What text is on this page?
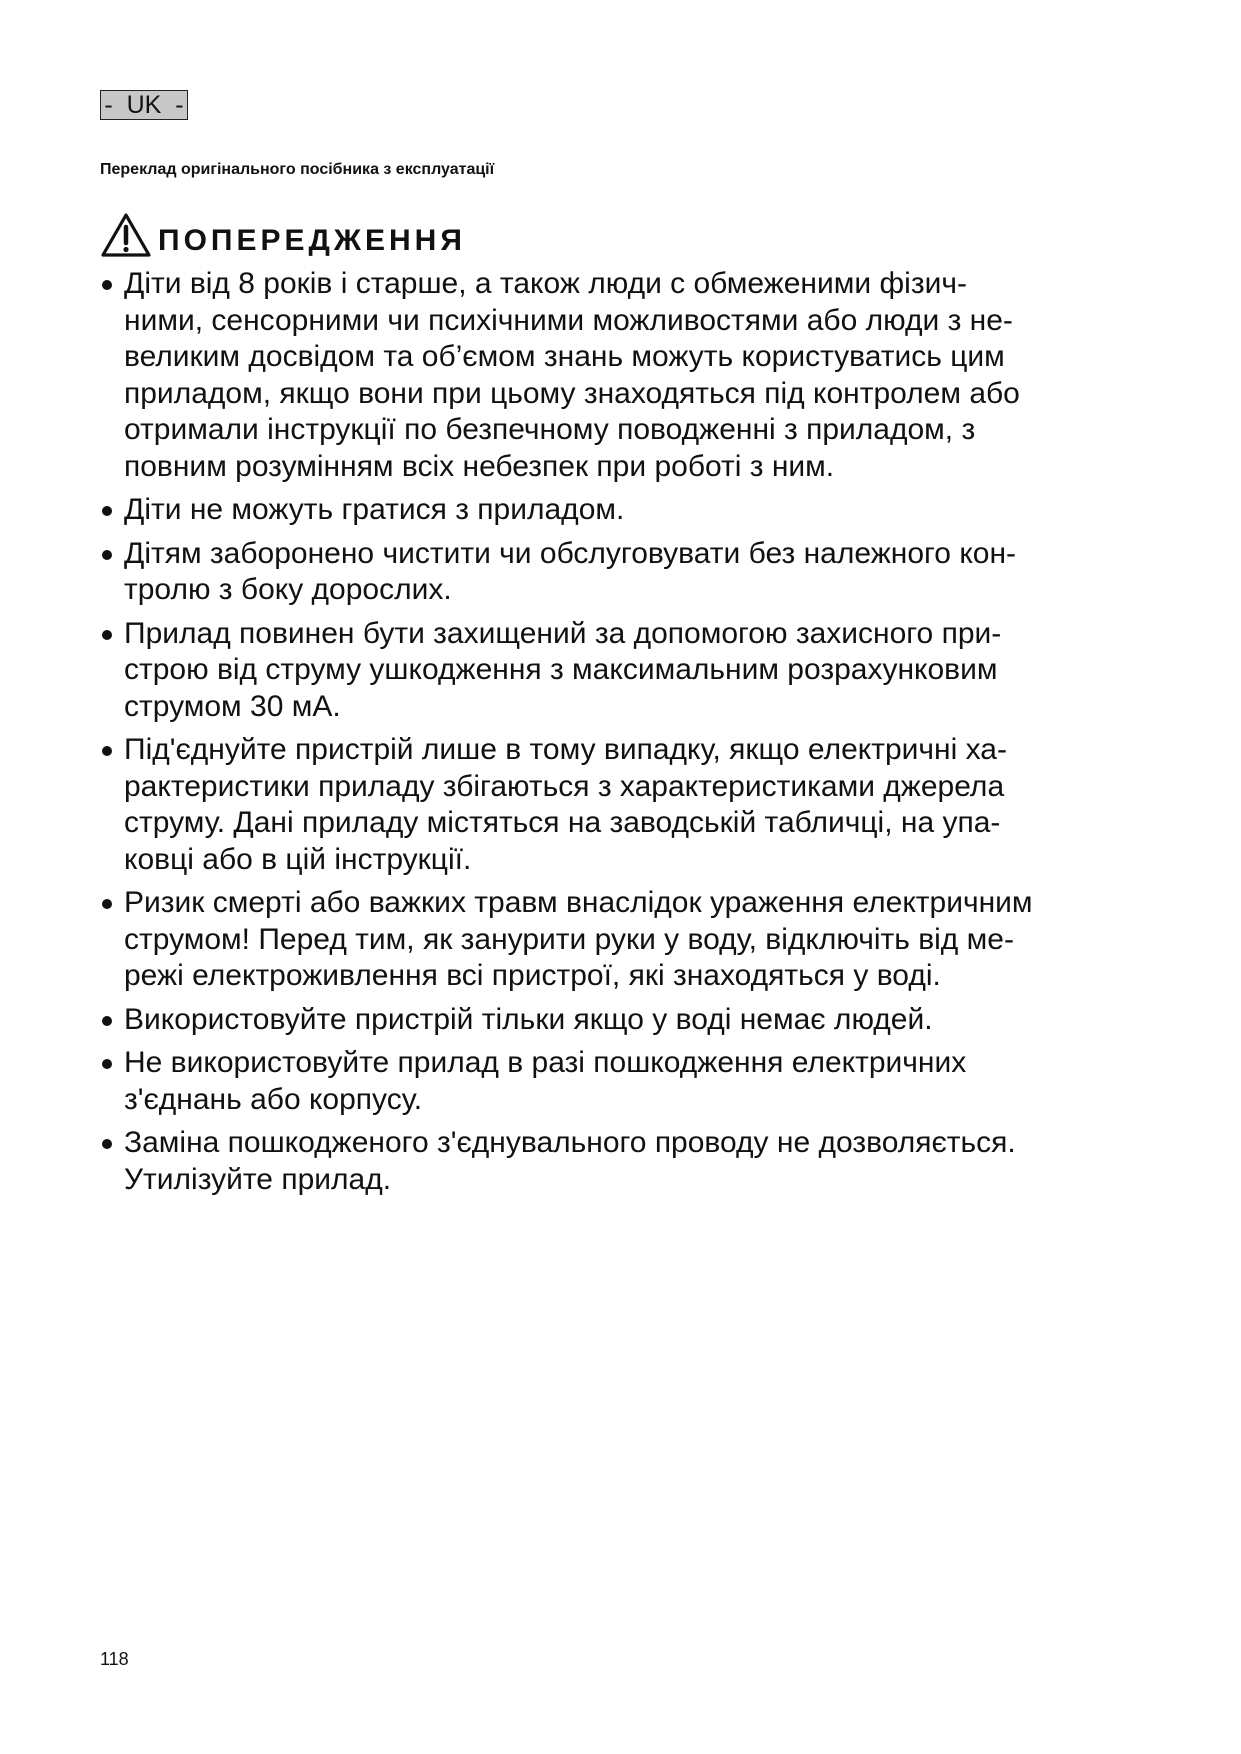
-  UK  -
Переклад оригінального посібника з експлуатації
ПОПЕРЕДЖЕННЯ
Діти від 8 років і старше, а також люди с обмеженими фізич-
ними, сенсорними чи психічними можливостями або люди з не-
великим досвідом та об’ємом знань можуть користуватись цим
приладом, якщо вони при цьому знаходяться під контролем або
отримали інструкції по безпечному поводженні з приладом, з
повним розумінням всіх небезпек при роботі з ним.
Діти не можуть гратися з приладом.
Дітям заборонено чистити чи обслуговувати без належного кон-
тролю з боку дорослих.
Прилад повинен бути захищений за допомогою захисного при-
строю від струму ушкодження з максимальним розрахунковим
струмом 30 мА.
Під'єднуйте пристрій лише в тому випадку, якщо електричні ха-
рактеристики приладу збігаються з характеристиками джерела
струму. Дані приладу містяться на заводській табличці, на упа-
ковці або в цій інструкції.
Ризик смерті або важких травм внаслідок ураження електричним
струмом! Перед тим, як занурити руки у воду, відключіть від ме-
режі електроживлення всі пристрої, які знаходяться у воді.
Використовуйте пристрій тільки якщо у воді немає людей.
Не використовуйте прилад в разі пошкодження електричних
з'єднань або корпусу.
Заміна пошкодженого з'єднувального проводу не дозволяється.
Утилізуйте прилад.
118
